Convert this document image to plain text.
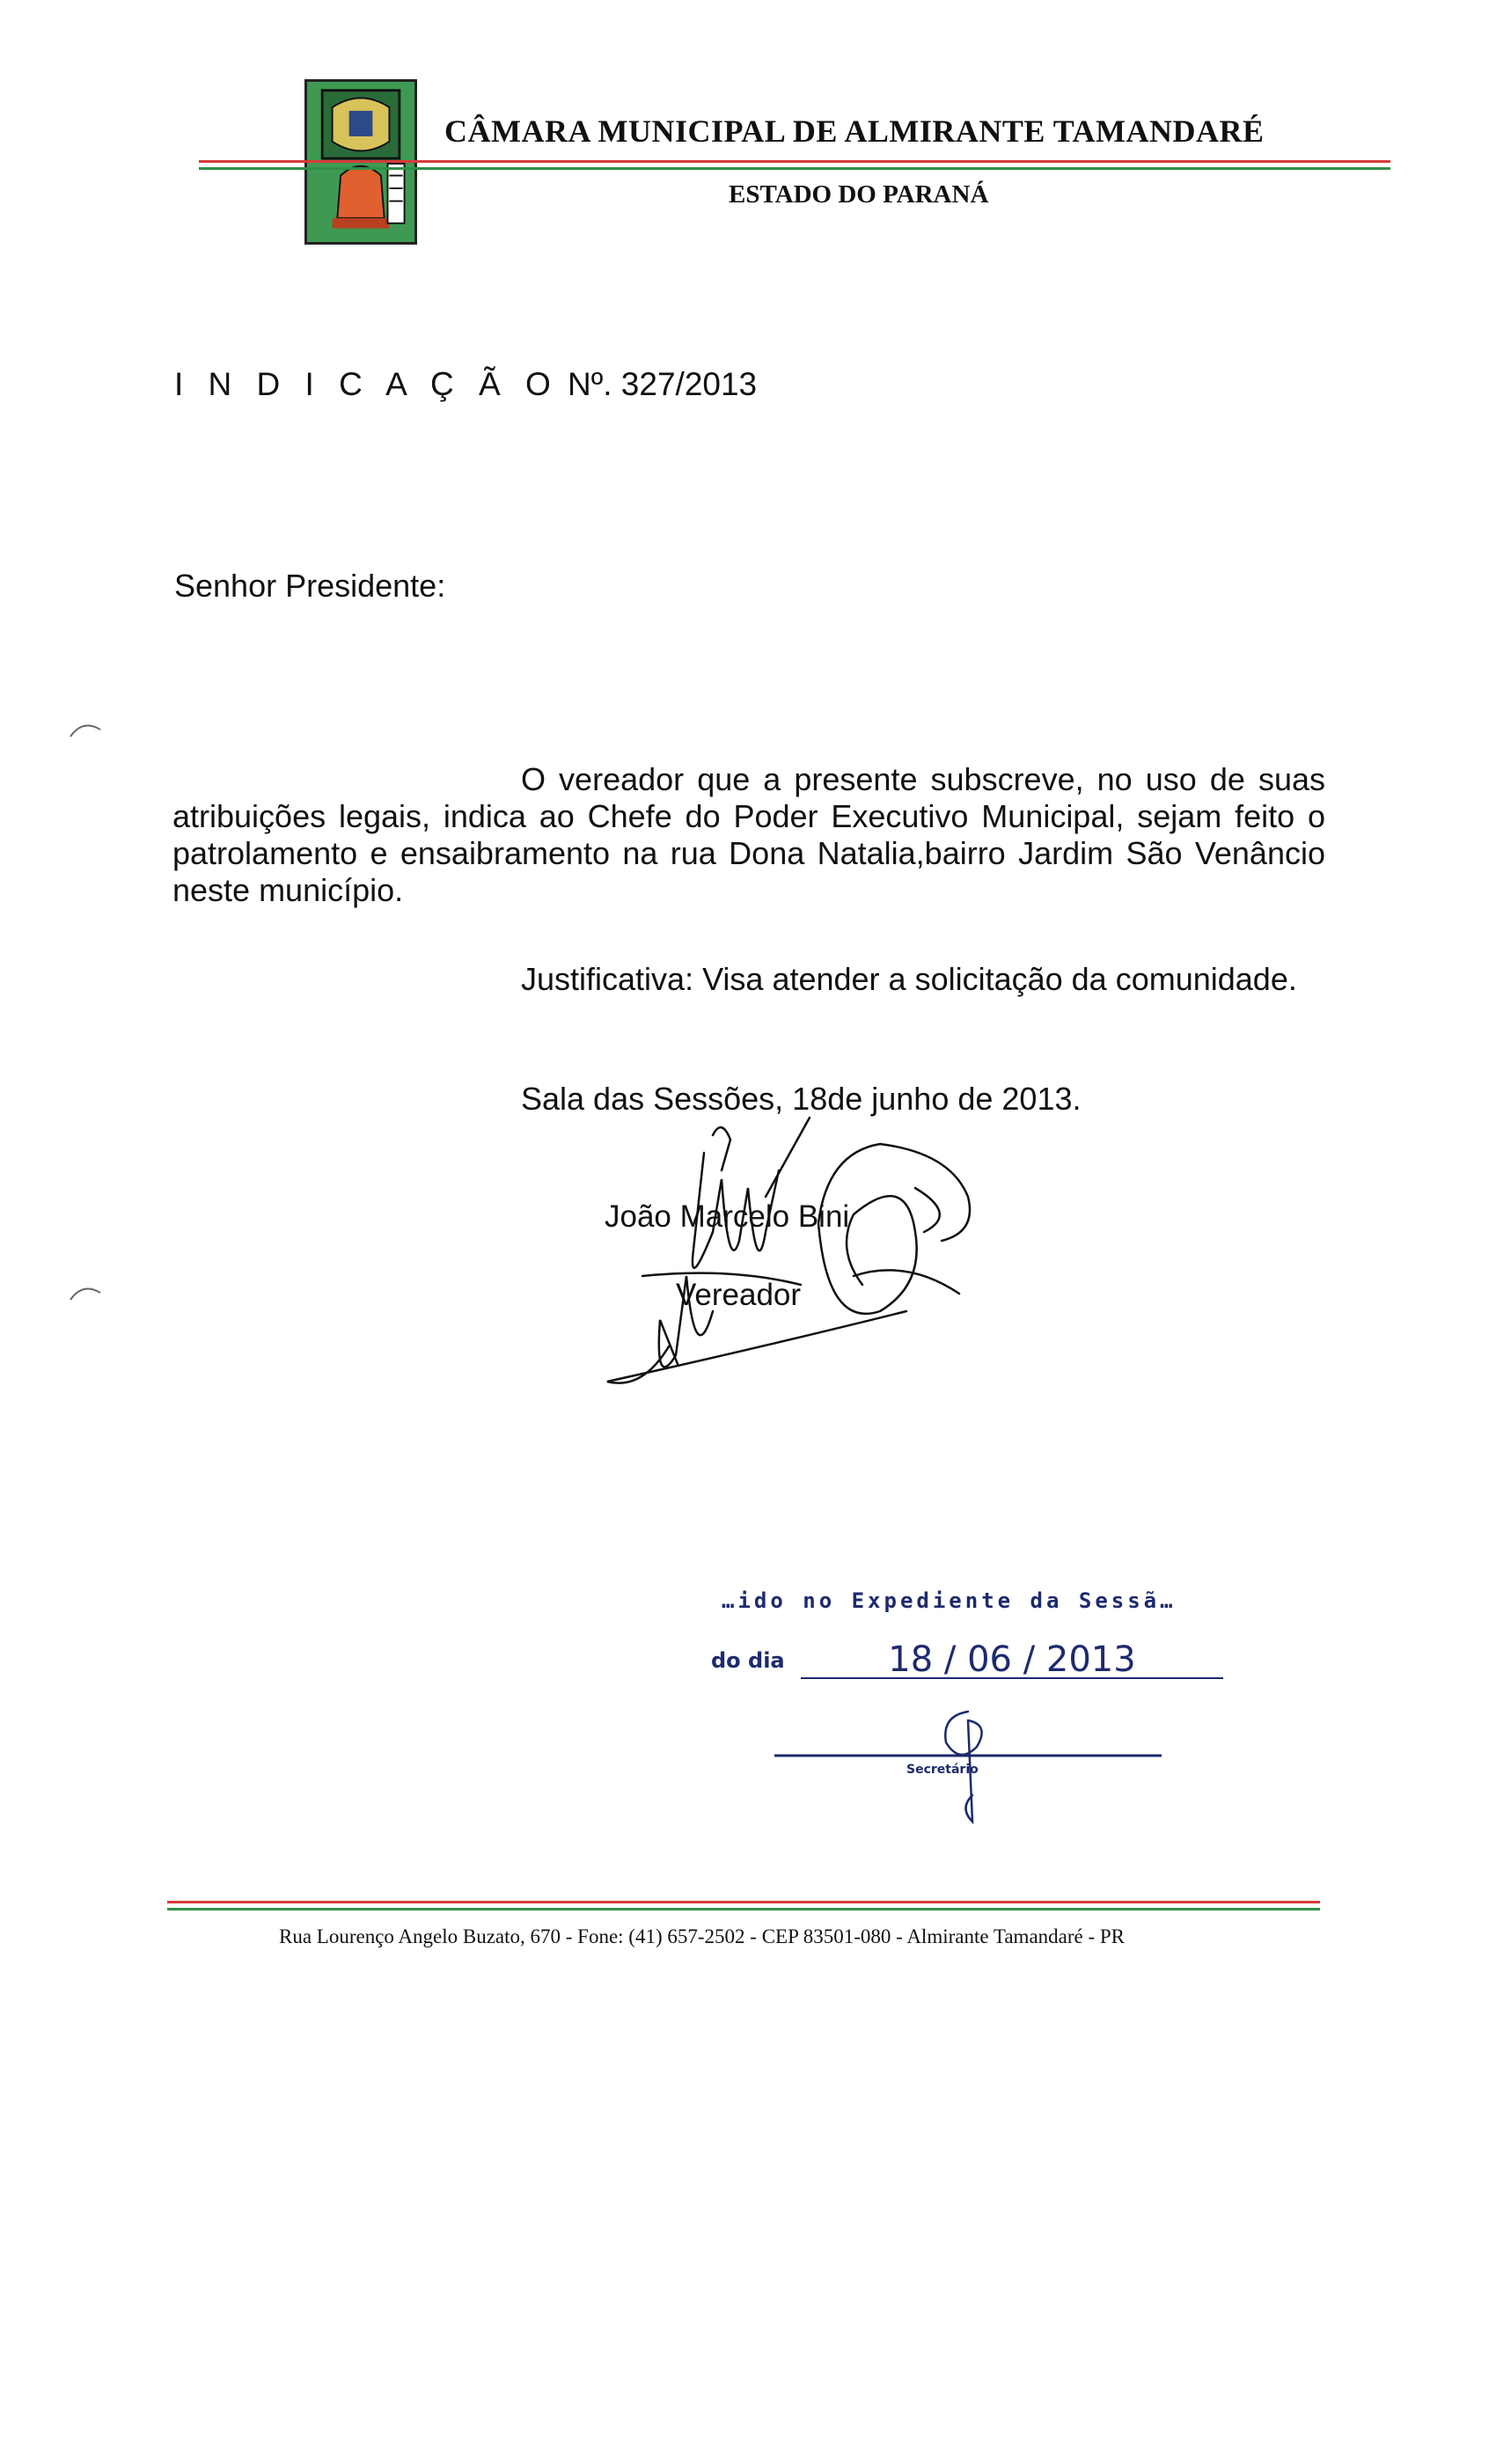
CÂMARA MUNICIPAL DE ALMIRANTE TAMANDARÉ
ESTADO DO PARANÁ
I N D I C A Ç Ã O Nº. 327/2013
Senhor Presidente:
O vereador que a presente subscreve, no uso de suas atribuições legais, indica ao Chefe do Poder Executivo Municipal, sejam feito o patrolamento e ensaibramento na rua Dona Natalia,bairro Jardim São Venâncio neste município.
Justificativa: Visa atender a solicitação da comunidade.
Sala das Sessões, 18de junho de 2013.
João Marcelo Bini
Vereador
…ido no Expediente da Sessã…
do dia	18 / 06 / 2013
Secretário
Rua Lourenço Angelo Buzato, 670 - Fone: (41) 657-2502 - CEP 83501-080 - Almirante Tamandaré - PR
